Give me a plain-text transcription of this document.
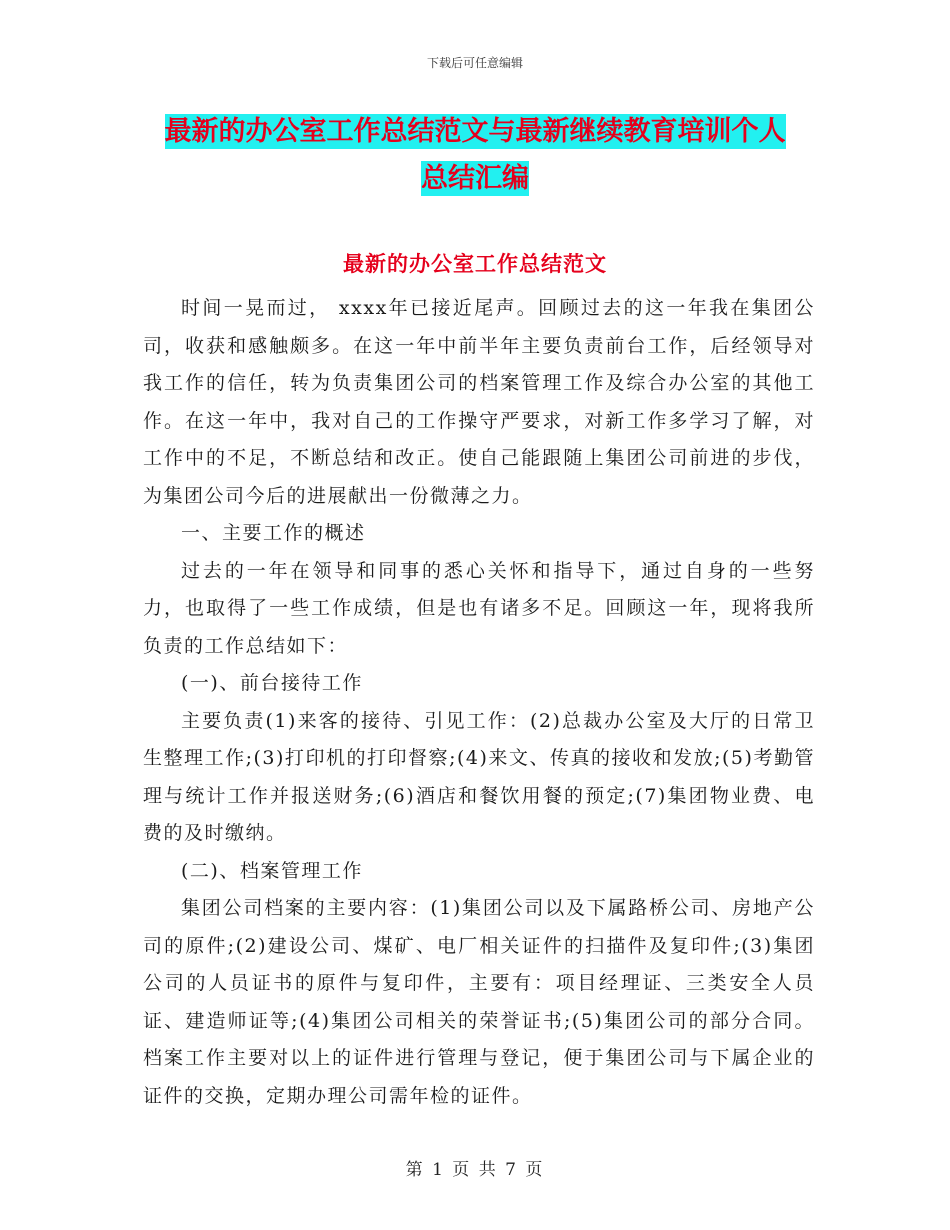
下载后可任意编辑
最新的办公室工作总结范文与最新继续教育培训个人
总结汇编
最新的办公室工作总结范文

时间一晃而过， xxxx年已接近尾声。回顾过去的这一年我在集团公司，收获和感触颇多。在这一年中前半年主要负责前台工作，后经领导对我工作的信任，转为负责集团公司的档案管理工作及综合办公室的其他工作。在这一年中，我对自己的工作操守严要求，对新工作多学习了解，对工作中的不足，不断总结和改正。使自己能跟随上集团公司前进的步伐，为集团公司今后的进展献出一份微薄之力。

一、主要工作的概述

过去的一年在领导和同事的悉心关怀和指导下，通过自身的一些努力，也取得了一些工作成绩，但是也有诸多不足。回顾这一年，现将我所负责的工作总结如下：

(一)、前台接待工作

主要负责(1)来客的接待、引见工作：(2)总裁办公室及大厅的日常卫生整理工作;(3)打印机的打印督察;(4)来文、传真的接收和发放;(5)考勤管理与统计工作并报送财务;(6)酒店和餐饮用餐的预定;(7)集团物业费、电费的及时缴纳。

(二)、档案管理工作

集团公司档案的主要内容：(1)集团公司以及下属路桥公司、房地产公司的原件;(2)建设公司、煤矿、电厂相关证件的扫描件及复印件;(3)集团公司的人员证书的原件与复印件，主要有：项目经理证、三类安全人员证、建造师证等;(4)集团公司相关的荣誉证书;(5)集团公司的部分合同。档案工作主要对以上的证件进行管理与登记，便于集团公司与下属企业的证件的交换，定期办理公司需年检的证件。

第 1 页 共 7 页
